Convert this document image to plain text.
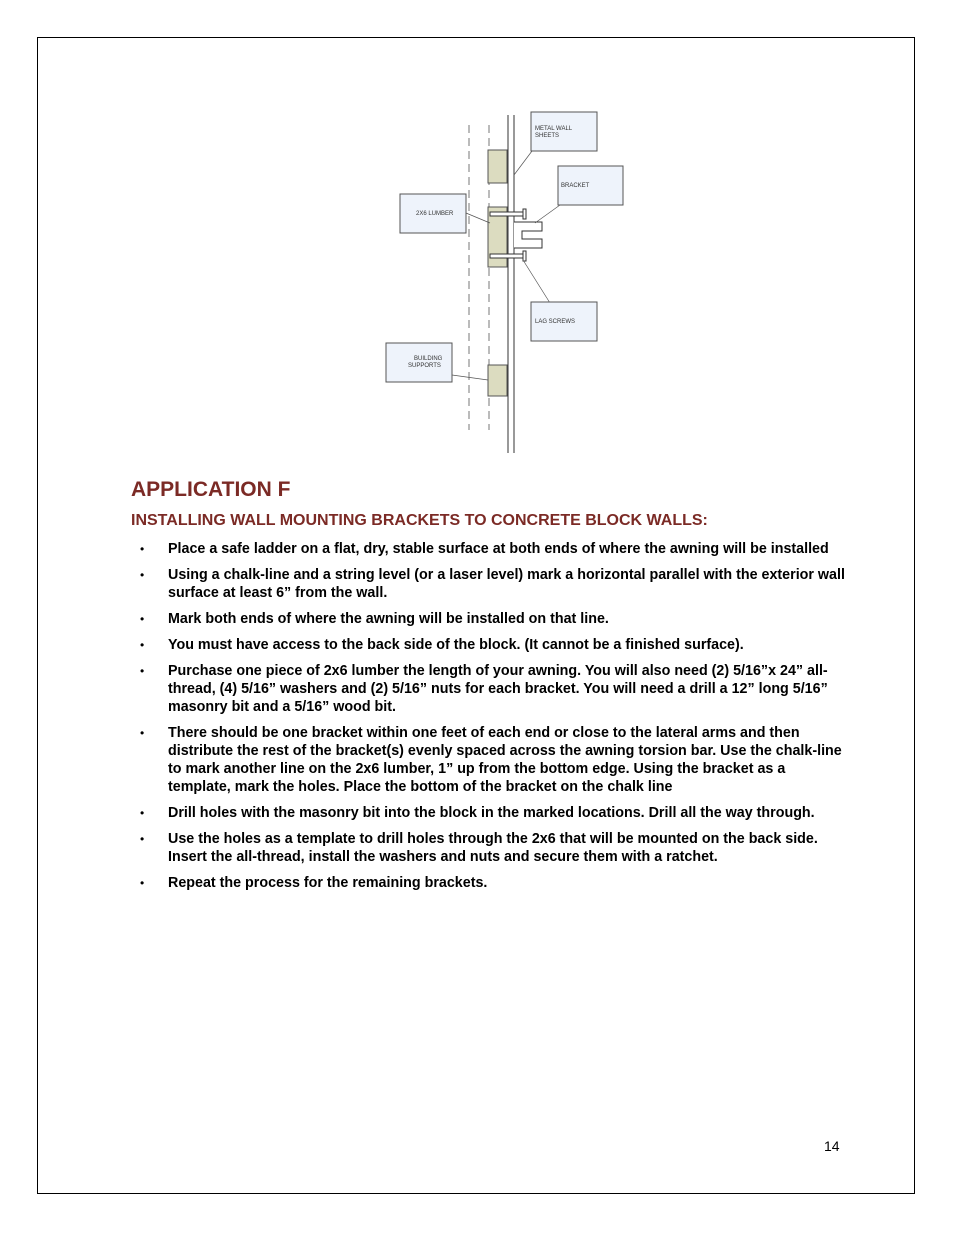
METAL WALL
SHEETS
BRACKET
2X6 LUMBER
LAG SCREWS
BUILDING
SUPPORTS
APPLICATION F
INSTALLING WALL MOUNTING BRACKETS TO CONCRETE BLOCK WALLS:
• Place a safe ladder on a flat, dry, stable surface at both ends of where the awning will be installed
• Using a chalk-line and a string level (or a laser level) mark a horizontal parallel with the exterior wall surface at least 6” from the wall.
• Mark both ends of where the awning will be installed on that line.
• You must have access to the back side of the block. (It cannot be a finished surface).
• Purchase one piece of 2x6 lumber the length of your awning. You will also need (2) 5/16”x 24” all-thread, (4) 5/16” washers and (2) 5/16” nuts for each bracket. You will need a drill a 12” long 5/16” masonry bit and a 5/16” wood bit.
• There should be one bracket within one feet of each end or close to the lateral arms and then distribute the rest of the bracket(s) evenly spaced across the awning torsion bar. Use the chalk-line to mark another line on the 2x6 lumber, 1” up from the bottom edge. Using the bracket as a template, mark the holes. Place the bottom of the bracket on the chalk line
• Drill holes with the masonry bit into the block in the marked locations. Drill all the way through.
• Use the holes as a template to drill holes through the 2x6 that will be mounted on the back side. Insert the all-thread, install the washers and nuts and secure them with a ratchet.
• Repeat the process for the remaining brackets.
14
